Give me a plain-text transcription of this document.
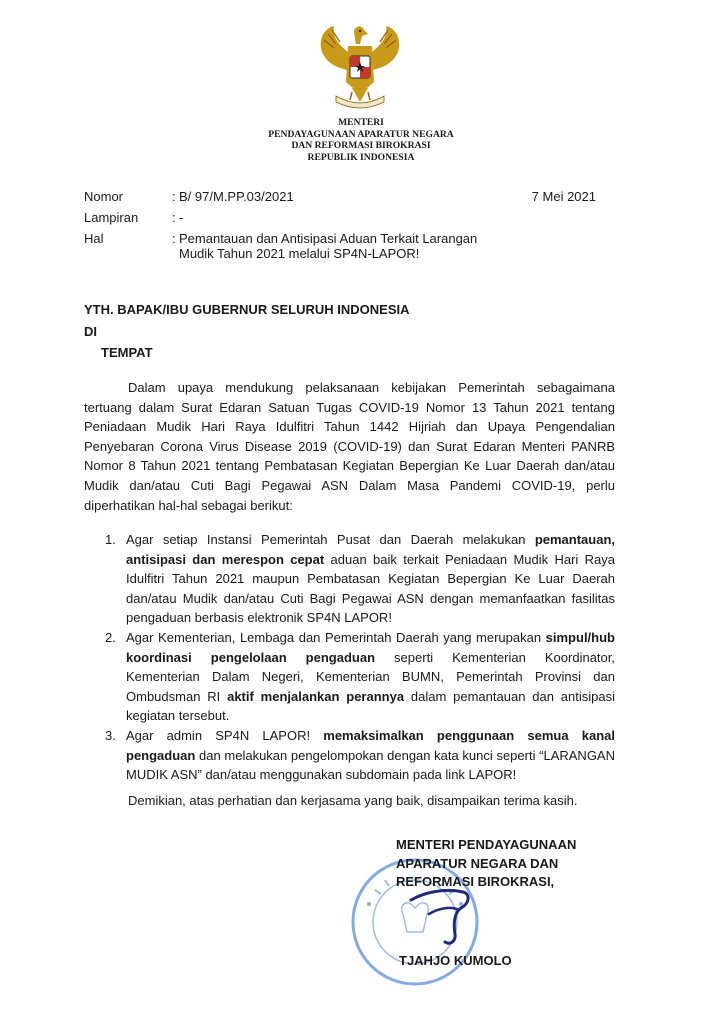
MENTERI
PENDAYAGUNAAN APARATUR NEGARA
DAN REFORMASI BIROKRASI
REPUBLIK INDONESIA
Nomor	: B/ 97/M.PP.03/2021	7 Mei 2021
Lampiran	: -
Hal	: Pemantauan dan Antisipasi Aduan Terkait Larangan Mudik Tahun 2021 melalui SP4N-LAPOR!
YTH. BAPAK/IBU GUBERNUR SELURUH INDONESIA
DI
TEMPAT
Dalam upaya mendukung pelaksanaan kebijakan Pemerintah sebagaimana tertuang dalam Surat Edaran Satuan Tugas COVID-19 Nomor 13 Tahun 2021 tentang Peniadaan Mudik Hari Raya Idulfitri Tahun 1442 Hijriah dan Upaya Pengendalian Penyebaran Corona Virus Disease 2019 (COVID-19) dan Surat Edaran Menteri PANRB Nomor 8 Tahun 2021 tentang Pembatasan Kegiatan Bepergian Ke Luar Daerah dan/atau Mudik dan/atau Cuti Bagi Pegawai ASN Dalam Masa Pandemi COVID-19, perlu diperhatikan hal-hal sebagai berikut:
1. Agar setiap Instansi Pemerintah Pusat dan Daerah melakukan pemantauan, antisipasi dan merespon cepat aduan baik terkait Peniadaan Mudik Hari Raya Idulfitri Tahun 2021 maupun Pembatasan Kegiatan Bepergian Ke Luar Daerah dan/atau Mudik dan/atau Cuti Bagi Pegawai ASN dengan memanfaatkan fasilitas pengaduan berbasis elektronik SP4N LAPOR!
2. Agar Kementerian, Lembaga dan Pemerintah Daerah yang merupakan simpul/hub koordinasi pengelolaan pengaduan seperti Kementerian Koordinator, Kementerian Dalam Negeri, Kementerian BUMN, Pemerintah Provinsi dan Ombudsman RI aktif menjalankan perannya dalam pemantauan dan antisipasi kegiatan tersebut.
3. Agar admin SP4N LAPOR! memaksimalkan penggunaan semua kanal pengaduan dan melakukan pengelompokan dengan kata kunci seperti “LARANGAN MUDIK ASN” dan/atau menggunakan subdomain pada link LAPOR!
Demikian, atas perhatian dan kerjasama yang baik, disampaikan terima kasih.
MENTERI PENDAYAGUNAAN
APARATUR NEGARA DAN
REFORMASI BIROKRASI,
TJAHJO KUMOLO
